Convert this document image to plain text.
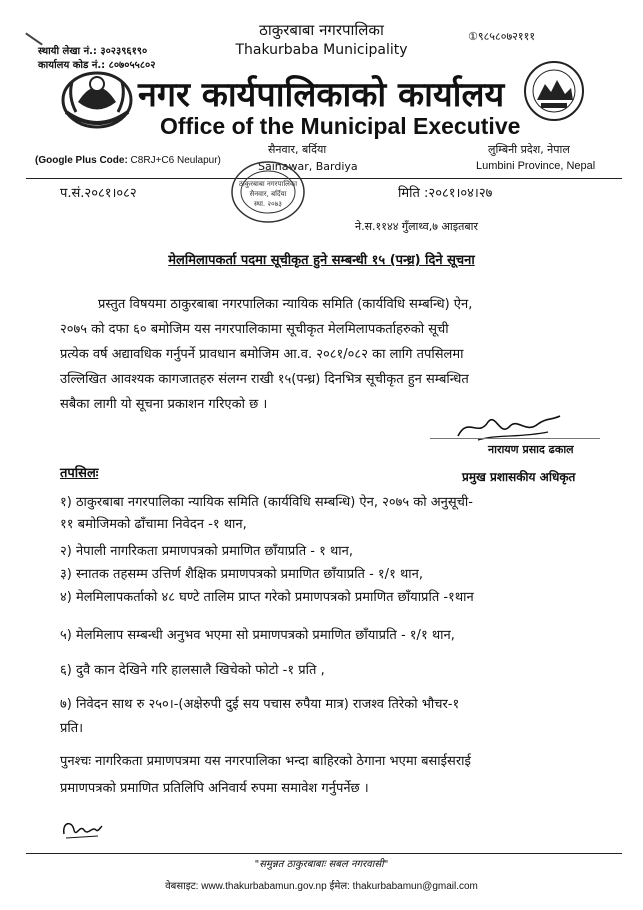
स्थायी लेखा नं.: ३०२३९६१९०
कार्यालय कोड नं.: ८०७०५५८०२
ठाकुरबाबा नगरपालिका
Thakurbaba Municipality
①९८५८०७२१११
नगर कार्यपालिकाको कार्यालय
Office of the Municipal Executive
(Google Plus Code: C8RJ+C6 Neulapur)
सैनवार, बर्दिया
Sainawar, Bardiya
लुम्बिनी प्रदेश, नेपाल
Lumbini Province, Nepal
प.सं.२०८१।०८२	मिति :२०८१।०४।२७
ठाकुरबाबा नगरपालिका
सैनवार, बर्दिया
स्था. २०७३
ने.स.११४४ गुँलाथ्व,७ आइतबार
मेलमिलापकर्ता पदमा सूचीकृत हुने सम्बन्धी १५ (पन्ध्र) दिने सूचना
प्रस्तुत विषयमा ठाकुरबाबा नगरपालिका न्यायिक समिति (कार्यविधि सम्बन्धि) ऐन,
२०७५ को दफा ६० बमोजिम यस नगरपालिकामा सूचीकृत मेलमिलापकर्ताहरुको सूची
प्रत्येक वर्ष अद्यावधिक गर्नुपर्ने प्रावधान बमोजिम आ.व. २०८१/०८२ का लागि तपसिलमा
उल्लिखित आवश्यक कागजातहरु संलग्न राखी १५(पन्ध्र) दिनभित्र सूचीकृत हुन सम्बन्धित
सबैका लागी यो सूचना प्रकाशन गरिएको छ ।
नारायण प्रसाद ढकाल
प्रमुख प्रशासकीय अधिकृत
तपसिलः
१) ठाकुरबाबा नगरपालिका न्यायिक समिति (कार्यविधि सम्बन्धि) ऐन, २०७५ को अनुसूची-
११ बमोजिमको ढाँचामा निवेदन -१ थान,
२) नेपाली नागरिकता प्रमाणपत्रको प्रमाणित छाँयाप्रति - १ थान,
३) स्नातक तहसम्म उत्तिर्ण शैक्षिक प्रमाणपत्रको प्रमाणित छाँयाप्रति - १/१ थान,
४) मेलमिलापकर्ताको ४८ घण्टे तालिम प्राप्त गरेको प्रमाणपत्रको प्रमाणित छाँयाप्रति -१थान
५) मेलमिलाप सम्बन्धी अनुभव भएमा सो प्रमाणपत्रको प्रमाणित छाँयाप्रति - १/१ थान,
६) दुवै कान देखिने गरि हालसालै खिचेको फोटो -१ प्रति ,
७) निवेदन साथ रु २५०।-(अक्षेरुपी दुई सय पचास रुपैया मात्र) राजश्व तिरेको भौचर-१
प्रति।
पुनश्चः नागरिकता प्रमाणपत्रमा यस नगरपालिका भन्दा बाहिरको ठेगाना भएमा बसाईसराई
प्रमाणपत्रको प्रमाणित प्रतिलिपि अनिवार्य रुपमा समावेश गर्नुपर्नेछ ।
"समुन्नत ठाकुरबाबाः सबल नगरवासी"
वेबसाइट: www.thakurbabamun.gov.np ईमेल: thakurbabamun@gmail.com
